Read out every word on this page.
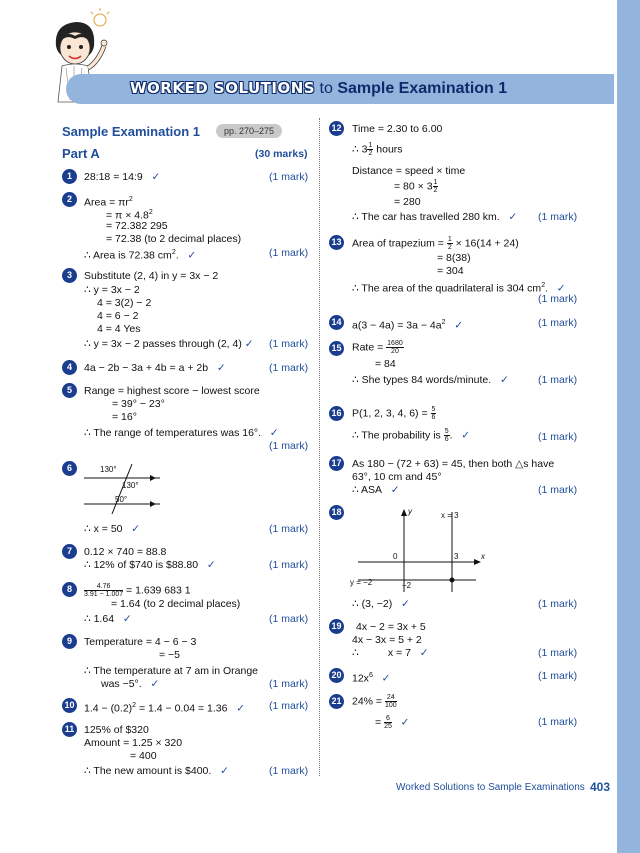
WORKED SOLUTIONS to Sample Examination 1
Sample Examination 1	pp. 270–275
Part A	(30 marks)
1	28:18 = 14:9 ✓	(1 mark)
2	Area = $\pi r^2$
= $\pi \times 4.8^2$
= 72.382 295
= 72.38 (to 2 decimal places)
∴ Area is 72.38 $cm^2$. ✓	(1 mark)
3	Substitute (2, 4) in y = 3x − 2
∴ y = 3x − 2
4 = 3(2) − 2
4 = 6 − 2
4 = 4 Yes
∴ y = 3x − 2 passes through (2, 4) ✓ (1 mark)
4	4a − 2b − 3a + 4b = a + 2b ✓	(1 mark)
5	Range = highest score − lowest score
= 39° − 23°
= 16°
∴ The range of temperatures was 16°. ✓
(1 mark)
6	130°
130°
50°
∴ x = 50 ✓	(1 mark)
7	0.12 × 740 = 88.8
∴ 12% of $740 is $88.80 ✓	(1 mark)
8	$\frac{4.76}{3.91 - 1.007} = 1.639$ 683 1
= 1.64 (to 2 decimal places)
∴ 1.64 ✓	(1 mark)
9	Temperature = 4 − 6 − 3
= −5
∴ The temperature at 7 am in Orange
was −5°. ✓	(1 mark)
10 $1.4 - (0.2)^2 = 1.4 - 0.04 = 1.36$ ✓ (1 mark)
11 125% of $320
Amount = 1.25 × 320
= 400
∴ The new amount is $400. ✓	(1 mark)
12 Time = 2.30 to 6.00
∴ $3 \frac{1}{2}$ hours
Distance = speed × time
= $80 \times 3 \frac{1}{2}$
= 280
∴ The car has travelled 280 km. ✓ (1 mark)
13 Area of trapezium = $\frac{1}{2} \times 16(14 + 24)$
= 8(38)
= 304
∴ The area of the quadrilateral is 304 $cm^2$. ✓
(1 mark)
14 $a(3 - 4a) = 3a - 4a^2$ ✓	(1 mark)
15 Rate = $\frac{1680}{20}$
= 84
∴ She types 84 words/minute. ✓	(1 mark)
16 P(1, 2, 3, 4, $6) = \frac{5}{6}$
∴ The probability is $\frac{5}{6}$ . ✓	(1 mark)
17 As 180 − (72 + 63) = 45, then both △s have
63°, 10 cm and 45°
∴ ASA ✓	(1 mark)
18	y	x = 3
x
0	3
y = −2	−2
∴ (3, −2) ✓	(1 mark)
19 4x − 2 = 3x + 5
4x − 3x = 5 + 2
∴	x = 7 ✓	(1 mark)
20 $12x^6$ ✓	(1 mark)
21 $24\% = \frac{24}{100}$
= $\frac{6}{25}$ ✓	(1 mark)
Worked Solutions to Sample Examinations 403
